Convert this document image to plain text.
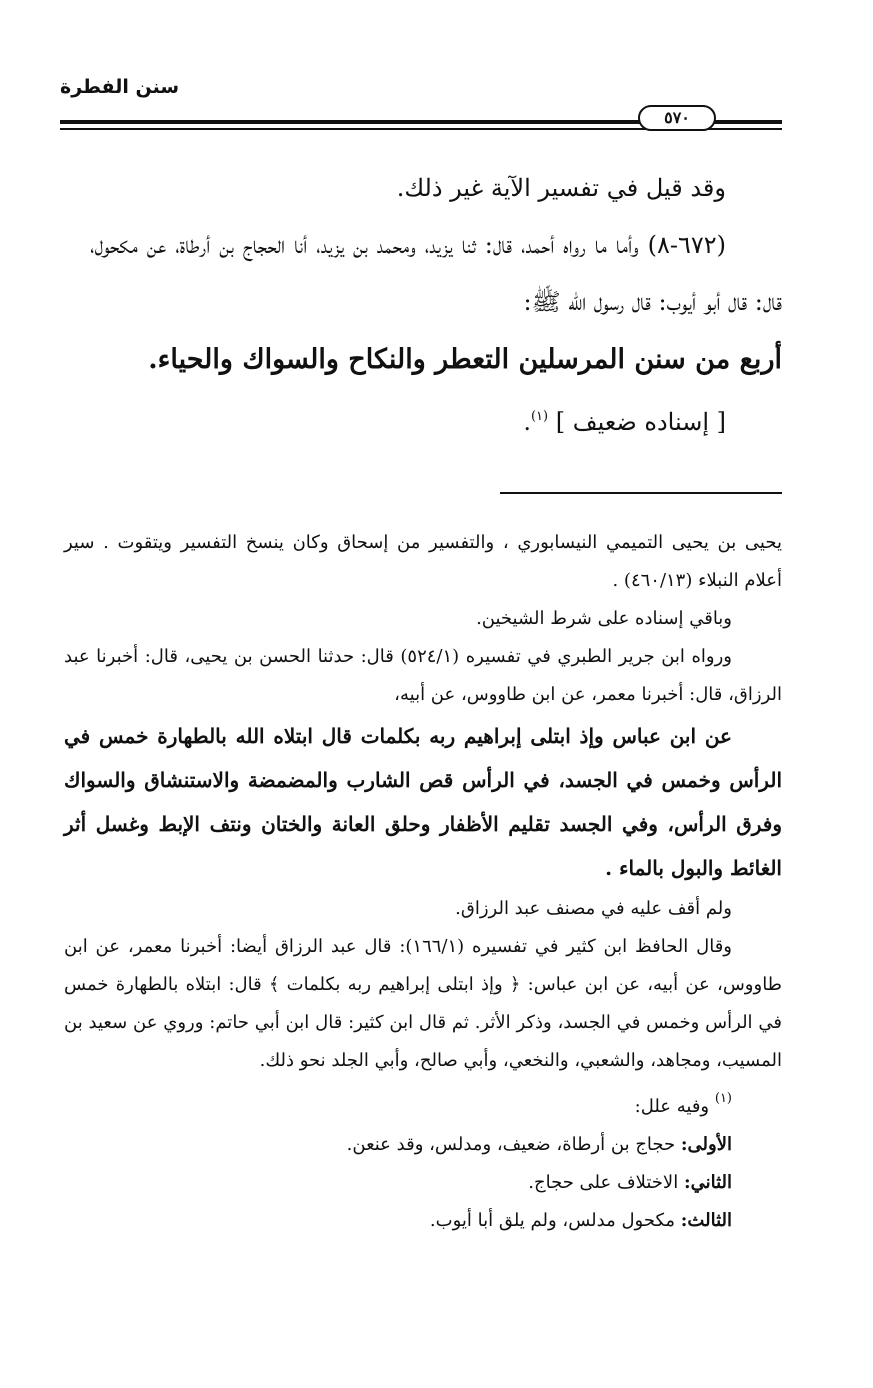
سنن الفطرة
٥٧٠

وقد قيل في تفسير الآية غير ذلك.

(٦٧٢-٨) وأما ما رواه أحمد، قال: ثنا يزيد، ومحمد بن يزيد، أنا الحجاج بن أرطاة، عن مكحول، قال: قال أبو أيوب: قال رسول الله ﷺ:

أربع من سنن المرسلين التعطر والنكاح والسواك والحياء.

[ إسناده ضعيف ] $^{(١)}$.

يحيى بن يحيى التميمي النيسابوري ، والتفسير من إسحاق وكان ينسخ التفسير ويتقوت . سير أعلام النبلاء (٤٦٠/١٣) .

وباقي إسناده على شرط الشيخين.

ورواه ابن جرير الطبري في تفسيره (٥٢٤/١) قال: حدثنا الحسن بن يحيى، قال: أخبرنا عبد الرزاق، قال: أخبرنا معمر، عن ابن طاووس، عن أبيه،

عن ابن عباس وإذ ابتلى إبراهيم ربه بكلمات قال ابتلاه الله بالطهارة خمس في الرأس وخمس في الجسد، في الرأس قص الشارب والمضمضة والاستنشاق والسواك وفرق الرأس، وفي الجسد تقليم الأظفار وحلق العانة والختان ونتف الإبط وغسل أثر الغائط والبول بالماء .

ولم أقف عليه في مصنف عبد الرزاق.

وقال الحافظ ابن كثير في تفسيره (١٦٦/١): قال عبد الرزاق أيضا: أخبرنا معمر، عن ابن طاووس، عن أبيه، عن ابن عباس: ﴿ وإذ ابتلى إبراهيم ربه بكلمات ﴾ قال: ابتلاه بالطهارة خمس في الرأس وخمس في الجسد، وذكر الأثر. ثم قال ابن كثير: قال ابن أبي حاتم: وروي عن سعيد بن المسيب، ومجاهد، والشعبي، والنخعي، وأبي صالح، وأبي الجلد نحو ذلك.

$^{(١)}$ وفيه علل:

الأولى: حجاج بن أرطاة، ضعيف، ومدلس، وقد عنعن.

الثاني: الاختلاف على حجاج.

الثالث: مكحول مدلس، ولم يلق أبا أيوب.
